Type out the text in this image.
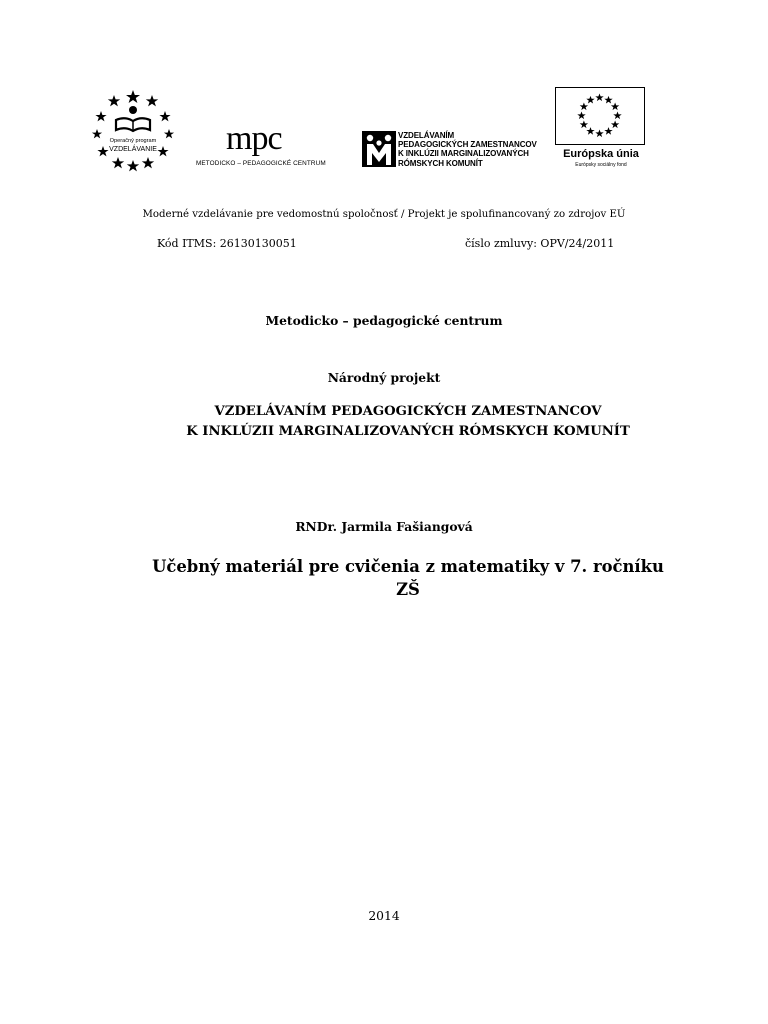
Operačný program
VZDELÁVANIE mpc
METODICKO – PEDAGOGICKÉ CENTRUM
VZDELÁVANÍM
PEDAGOGICKÝCH ZAMESTNANCOV
K INKLÚZII MARGINALIZOVANÝCH
RÓMSKYCH KOMUNÍT
Európska únia
Európsky sociálny fond
Moderné vzdelávanie pre vedomostnú spoločnosť / Projekt je spolufinancovaný zo zdrojov EÚ
Kód ITMS: 26130130051	číslo zmluvy: OPV/24/2011
Metodicko – pedagogické centrum
Národný projekt
VZDELÁVANÍM PEDAGOGICKÝCH ZAMESTNANCOV
K INKLÚZII MARGINALIZOVANÝCH RÓMSKYCH KOMUNÍT
RNDr. Jarmila Fašiangová
Učebný materiál pre cvičenia z matematiky v 7. ročníku
ZŠ
2014
